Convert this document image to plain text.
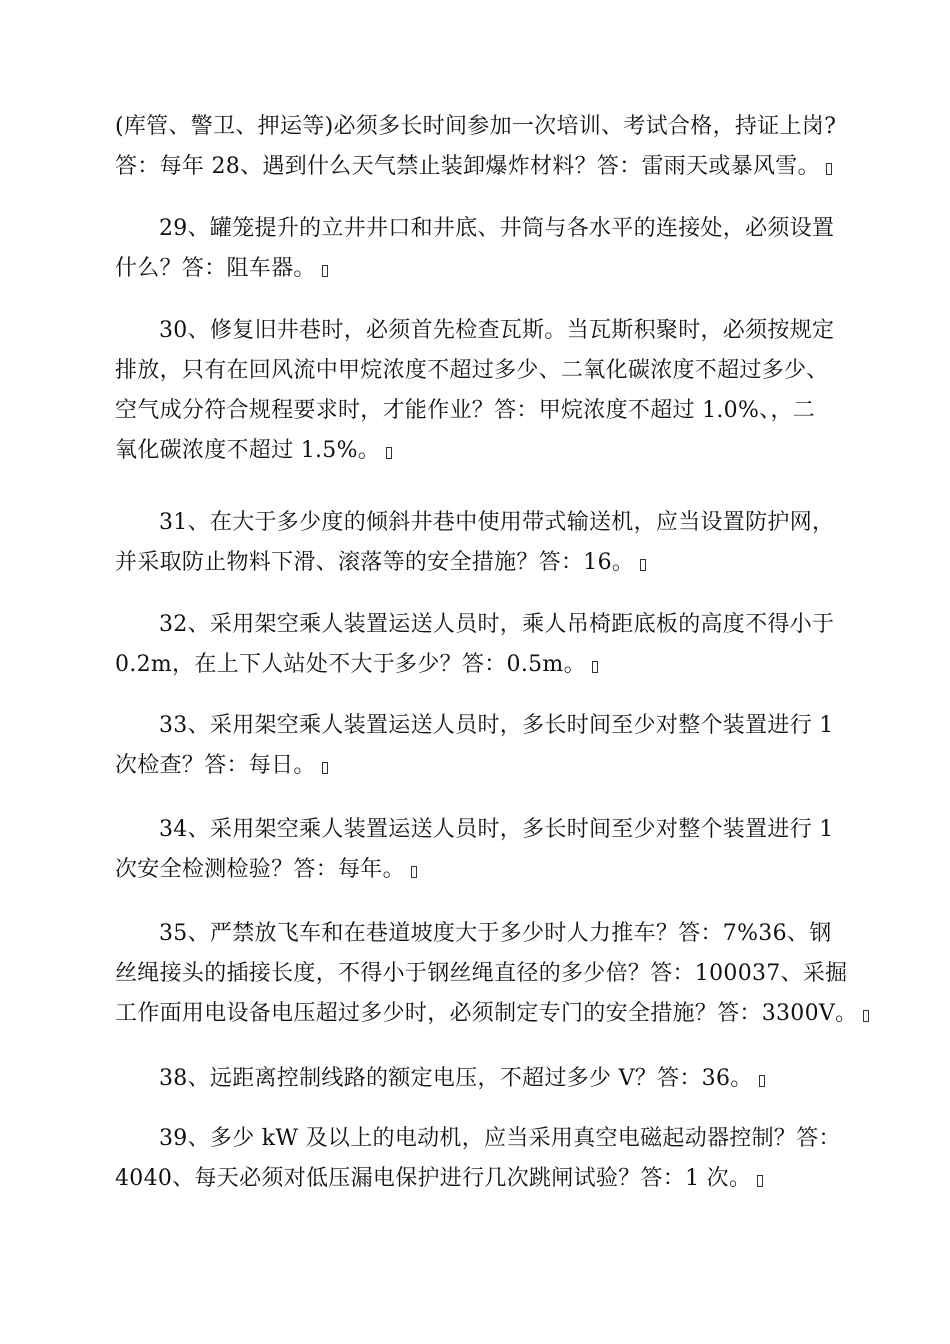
(库管、警卫、押运等)必须多长时间参加一次培训、考试合格，持证上岗?
答：每年 28、遇到什么天气禁止装卸爆炸材料？答：雷雨天或暴风雪。

29、罐笼提升的立井井口和井底、井筒与各水平的连接处，必须设置
什么？答：阻车器。

30、修复旧井巷时，必须首先检查瓦斯。当瓦斯积聚时，必须按规定
排放，只有在回风流中甲烷浓度不超过多少、二氧化碳浓度不超过多少、
空气成分符合规程要求时，才能作业？答：甲烷浓度不超过 1.0%、，二
氧化碳浓度不超过 1.5%。

31、在大于多少度的倾斜井巷中使用带式输送机，应当设置防护网，
并采取防止物料下滑、滚落等的安全措施？答：16。

32、采用架空乘人装置运送人员时，乘人吊椅距底板的高度不得小于
0.2m，在上下人站处不大于多少？答：0.5m。

33、采用架空乘人装置运送人员时，多长时间至少对整个装置进行 1
次检查？答：每日。

34、采用架空乘人装置运送人员时，多长时间至少对整个装置进行 1
次安全检测检验？答：每年。

35、严禁放飞车和在巷道坡度大于多少时人力推车？答：7%36、钢
丝绳接头的插接长度，不得小于钢丝绳直径的多少倍？答：100037、采掘
工作面用电设备电压超过多少时，必须制定专门的安全措施？答：3300V。

38、远距离控制线路的额定电压，不超过多少 V？答：36。

39、多少 kW 及以上的电动机，应当采用真空电磁起动器控制？答：
4040、每天必须对低压漏电保护进行几次跳闸试验？答：1 次。
